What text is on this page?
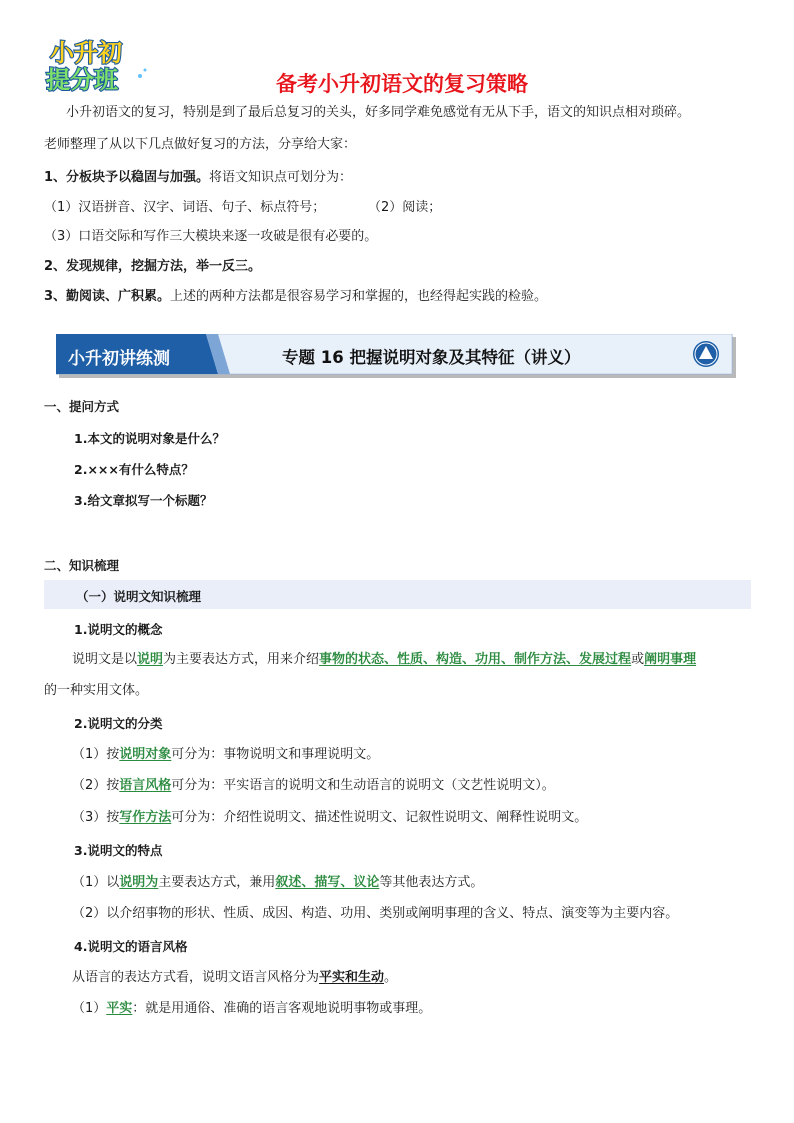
小升初
提分班	备考小升初语文的复习策略
小升初语文的复习，特别是到了最后总复习的关头，好多同学难免感觉有无从下手，语文的知识点相对琐碎。
老师整理了从以下几点做好复习的方法，分享给大家：
1、分板块予以稳固与加强。将语文知识点可划分为：
（1）汉语拼音、汉字、词语、句子、标点符号；	（2）阅读；
（3）口语交际和写作三大模块来逐一攻破是很有必要的。
2、发现规律，挖掘方法，举一反三。
3、勤阅读、广积累。上述的两种方法都是很容易学习和掌握的，也经得起实践的检验。
小升初讲练测	专题 16 把握说明对象及其特征（讲义）
一、提问方式
1.本文的说明对象是什么？
2.×××有什么特点？
3.给文章拟写一个标题？
二、知识梳理
（一）说明文知识梳理
1.说明文的概念
说明文是以说明为主要表达方式，用来介绍事物的状态、性质、构造、功用、制作方法、发展过程或阐明事理
的一种实用文体。
2.说明文的分类
（1）按说明对象可分为：事物说明文和事理说明文。
（2）按语言风格可分为：平实语言的说明文和生动语言的说明文（文艺性说明文）。
（3）按写作方法可分为：介绍性说明文、描述性说明文、记叙性说明文、阐释性说明文。
3.说明文的特点
（1）以说明为主要表达方式，兼用叙述、描写、议论等其他表达方式。
（2）以介绍事物的形状、性质、成因、构造、功用、类别或阐明事理的含义、特点、演变等为主要内容。
4.说明文的语言风格
从语言的表达方式看，说明文语言风格分为平实和生动。
（1）平实：就是用通俗、准确的语言客观地说明事物或事理。
